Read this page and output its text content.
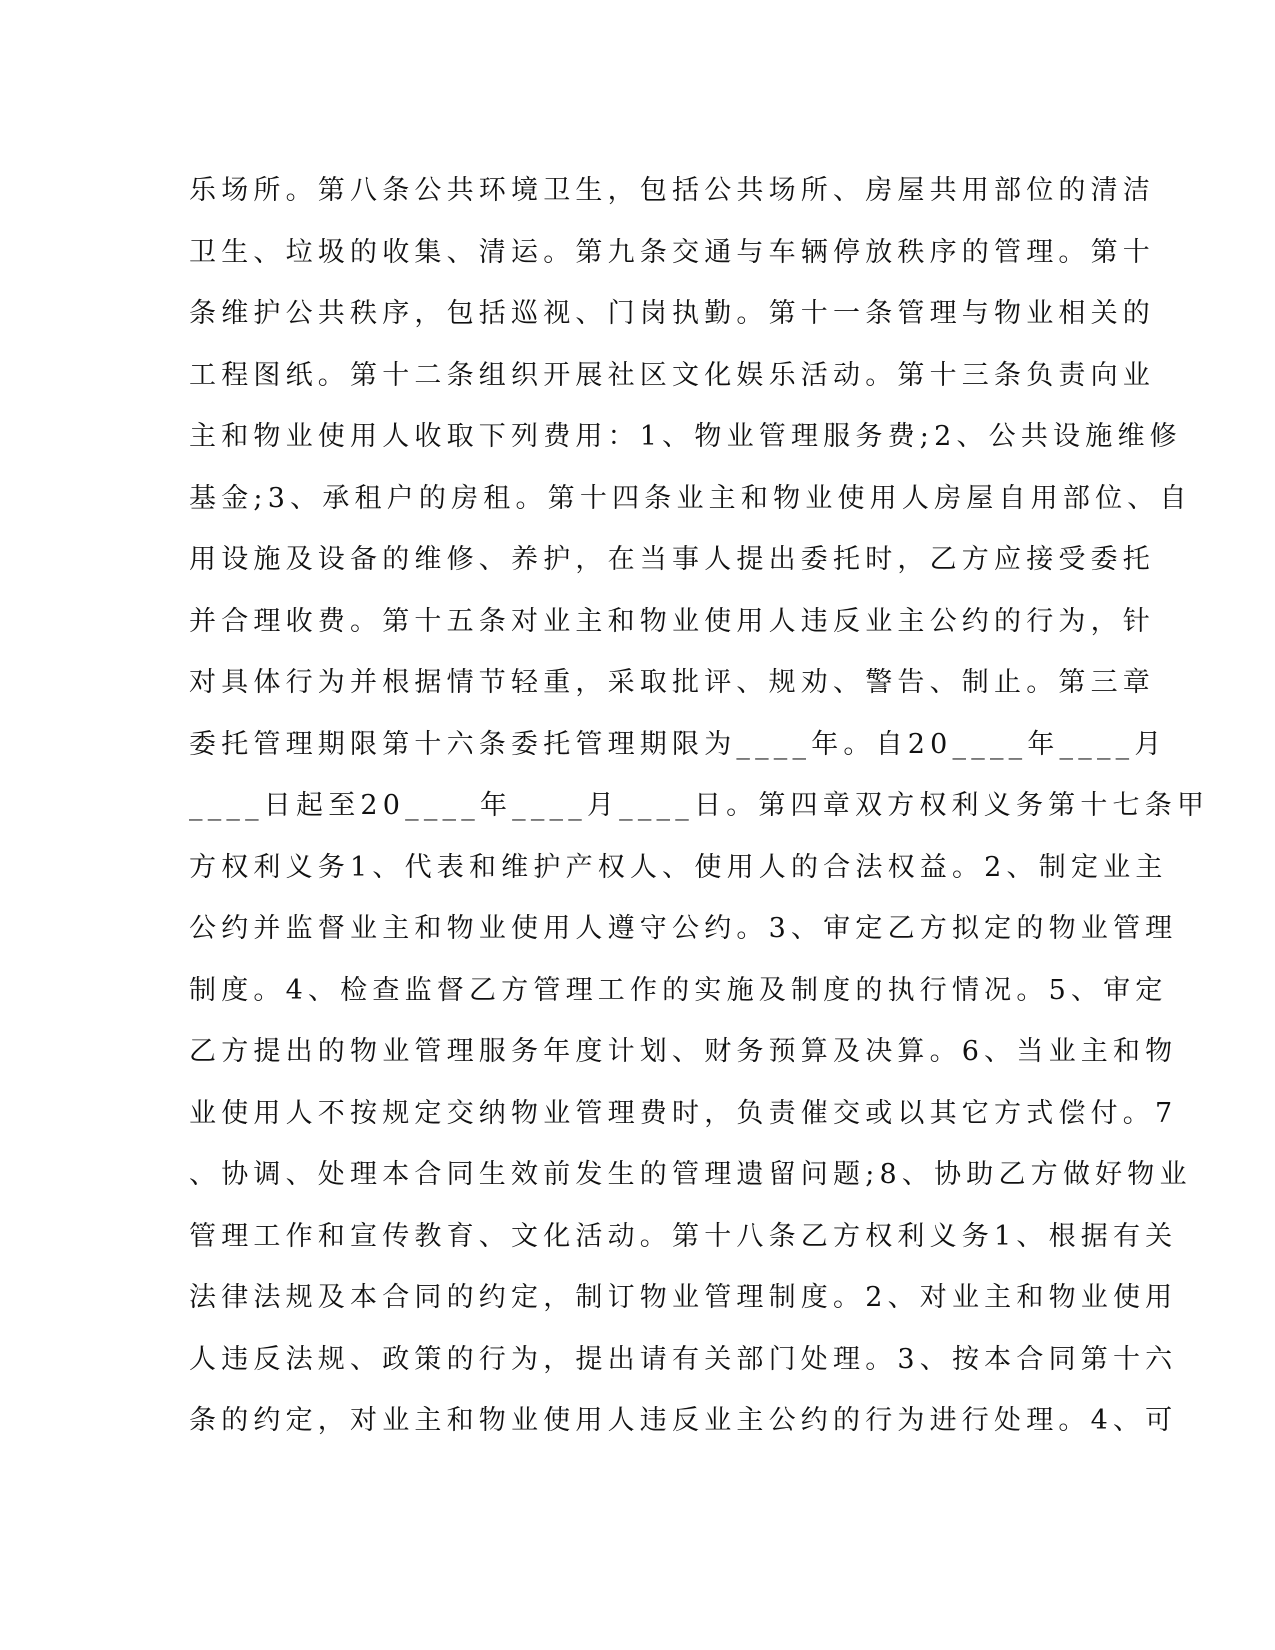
乐场所。第八条公共环境卫生，包括公共场所、房屋共用部位的清洁
卫生、垃圾的收集、清运。第九条交通与车辆停放秩序的管理。第十
条维护公共秩序，包括巡视、门岗执勤。第十一条管理与物业相关的
工程图纸。第十二条组织开展社区文化娱乐活动。第十三条负责向业
主和物业使用人收取下列费用：1、物业管理服务费;2、公共设施维修
基金;3、承租户的房租。第十四条业主和物业使用人房屋自用部位、自
用设施及设备的维修、养护，在当事人提出委托时，乙方应接受委托
并合理收费。第十五条对业主和物业使用人违反业主公约的行为，针
对具体行为并根据情节轻重，采取批评、规劝、警告、制止。第三章
委托管理期限第十六条委托管理期限为____年。自20____年____月
____日起至20____年____月____日。第四章双方权利义务第十七条甲
方权利义务1、代表和维护产权人、使用人的合法权益。2、制定业主
公约并监督业主和物业使用人遵守公约。3、审定乙方拟定的物业管理
制度。4、检查监督乙方管理工作的实施及制度的执行情况。5、审定
乙方提出的物业管理服务年度计划、财务预算及决算。6、当业主和物
业使用人不按规定交纳物业管理费时，负责催交或以其它方式偿付。7
、协调、处理本合同生效前发生的管理遗留问题;8、协助乙方做好物业
管理工作和宣传教育、文化活动。第十八条乙方权利义务1、根据有关
法律法规及本合同的约定，制订物业管理制度。2、对业主和物业使用
人违反法规、政策的行为，提出请有关部门处理。3、按本合同第十六
条的约定，对业主和物业使用人违反业主公约的行为进行处理。4、可
